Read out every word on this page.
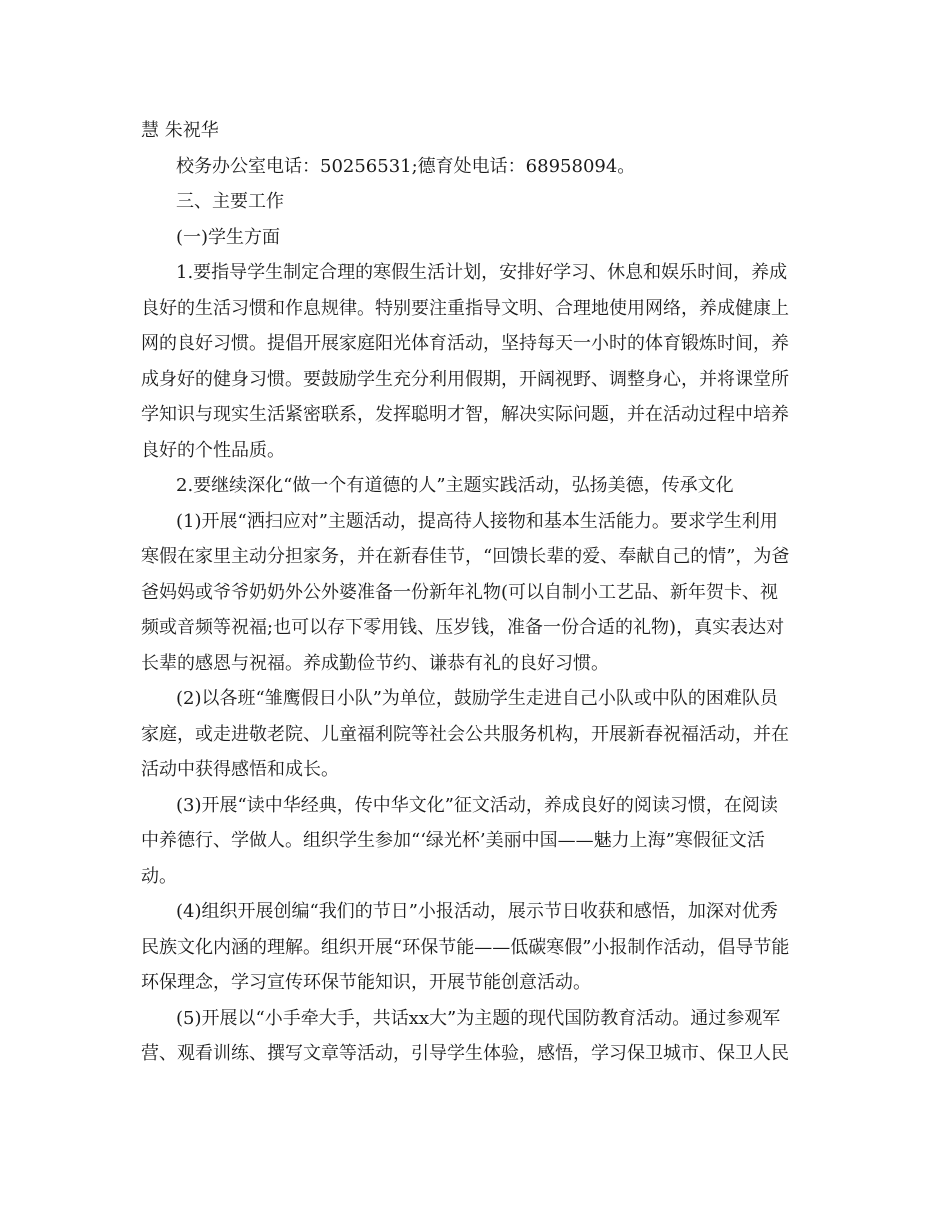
慧 朱祝华
校务办公室电话：50256531;德育处电话：68958094。
三、主要工作
(一)学生方面
1.要指导学生制定合理的寒假生活计划，安排好学习、休息和娱乐时间，养成
良好的生活习惯和作息规律。特别要注重指导文明、合理地使用网络，养成健康上
网的良好习惯。提倡开展家庭阳光体育活动，坚持每天一小时的体育锻炼时间，养
成身好的健身习惯。要鼓励学生充分利用假期，开阔视野、调整身心，并将课堂所
学知识与现实生活紧密联系，发挥聪明才智，解决实际问题，并在活动过程中培养
良好的个性品质。
2.要继续深化“做一个有道德的人”主题实践活动，弘扬美德，传承文化
(1)开展“洒扫应对”主题活动，提高待人接物和基本生活能力。要求学生利用
寒假在家里主动分担家务，并在新春佳节，“回馈长辈的爱、奉献自己的情”，为爸
爸妈妈或爷爷奶奶外公外婆准备一份新年礼物(可以自制小工艺品、新年贺卡、视
频或音频等祝福;也可以存下零用钱、压岁钱，准备一份合适的礼物)，真实表达对
长辈的感恩与祝福。养成勤俭节约、谦恭有礼的良好习惯。
(2)以各班“雏鹰假日小队”为单位，鼓励学生走进自己小队或中队的困难队员
家庭，或走进敬老院、儿童福利院等社会公共服务机构，开展新春祝福活动，并在
活动中获得感悟和成长。
(3)开展“读中华经典，传中华文化”征文活动，养成良好的阅读习惯，在阅读
中养德行、学做人。组织学生参加“‘绿光杯’美丽中国——魅力上海”寒假征文活
动。
(4)组织开展创编“我们的节日”小报活动，展示节日收获和感悟，加深对优秀
民族文化内涵的理解。组织开展“环保节能——低碳寒假”小报制作活动，倡导节能
环保理念，学习宣传环保节能知识，开展节能创意活动。
(5)开展以“小手牵大手，共话xx大”为主题的现代国防教育活动。通过参观军
营、观看训练、撰写文章等活动，引导学生体验，感悟，学习保卫城市、保卫人民
